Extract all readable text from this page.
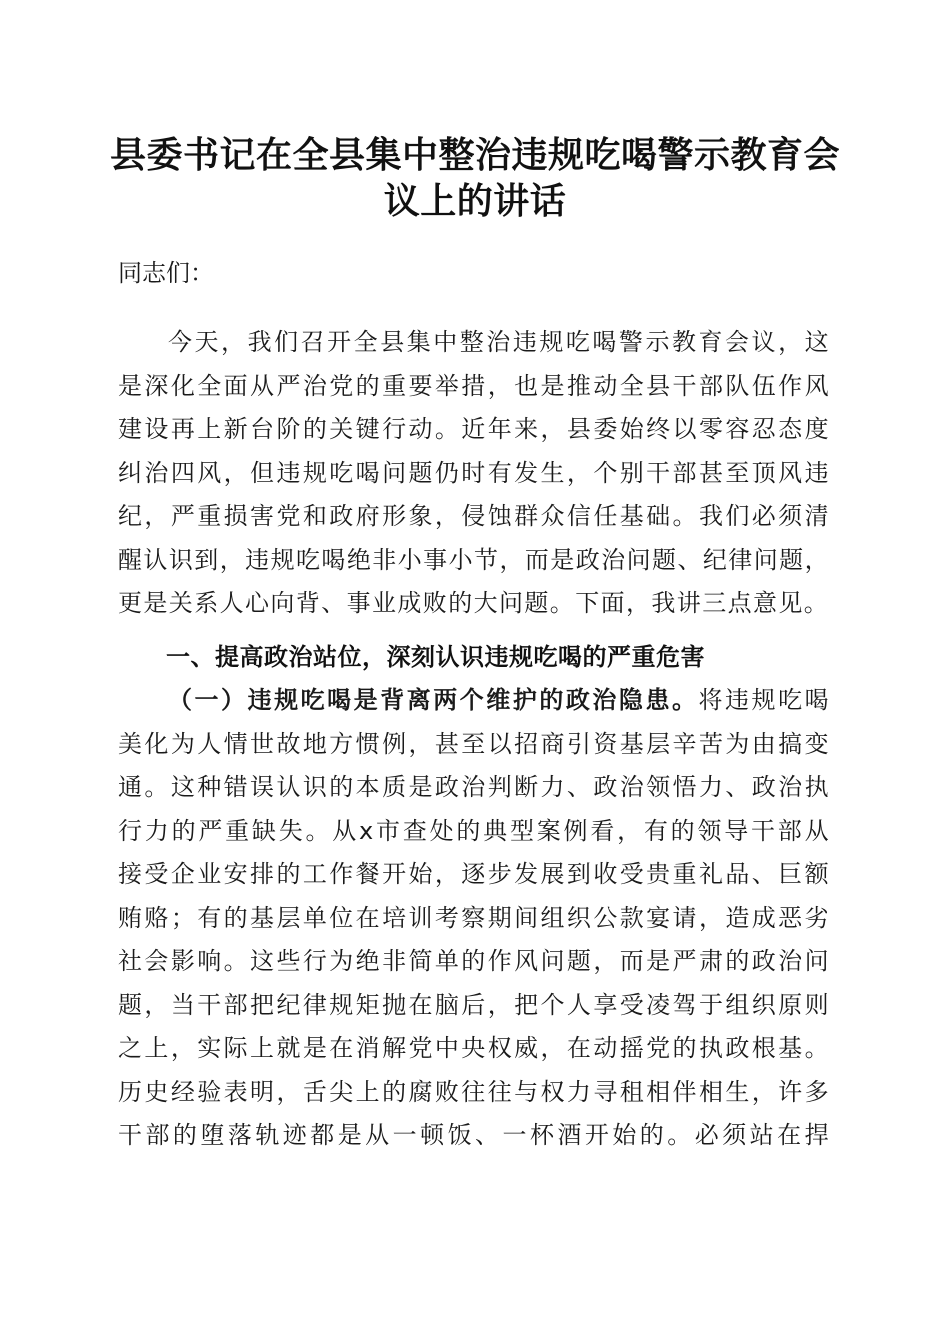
县委书记在全县集中整治违规吃喝警示教育会
议上的讲话

同志们：

今天，我们召开全县集中整治违规吃喝警示教育会议，这
是深化全面从严治党的重要举措，也是推动全县干部队伍作风
建设再上新台阶的关键行动。近年来，县委始终以零容忍态度
纠治四风，但违规吃喝问题仍时有发生，个别干部甚至顶风违
纪，严重损害党和政府形象，侵蚀群众信任基础。我们必须清
醒认识到，违规吃喝绝非小事小节，而是政治问题、纪律问题，
更是关系人心向背、事业成败的大问题。下面，我讲三点意见。
一、提高政治站位，深刻认识违规吃喝的严重危害
（一）违规吃喝是背离两个维护的政治隐患。将违规吃喝
美化为人情世故地方惯例，甚至以招商引资基层辛苦为由搞变
通。这种错误认识的本质是政治判断力、政治领悟力、政治执
行力的严重缺失。从x市查处的典型案例看，有的领导干部从
接受企业安排的工作餐开始，逐步发展到收受贵重礼品、巨额
贿赂；有的基层单位在培训考察期间组织公款宴请，造成恶劣
社会影响。这些行为绝非简单的作风问题，而是严肃的政治问
题，当干部把纪律规矩抛在脑后，把个人享受凌驾于组织原则
之上，实际上就是在消解党中央权威，在动摇党的执政根基。
历史经验表明，舌尖上的腐败往往与权力寻租相伴相生，许多
干部的堕落轨迹都是从一顿饭、一杯酒开始的。必须站在捍
